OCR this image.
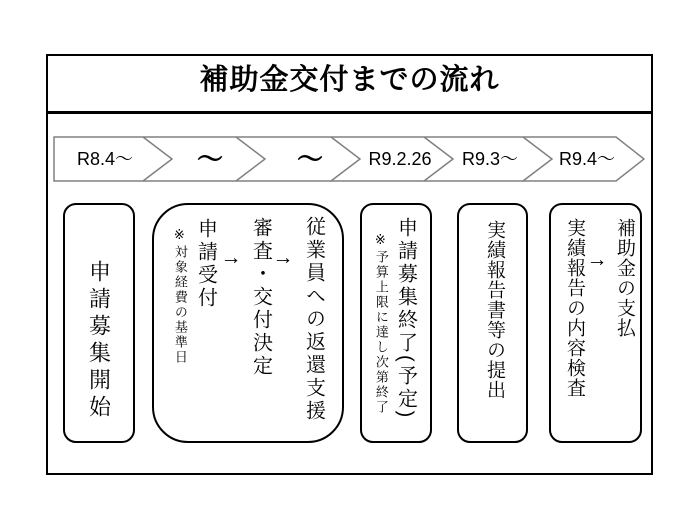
補助金交付までの流れ
R8.4〜 〜	〜	R9.2.26 R9.3〜 R9.4〜
申請募集開始	※対象経費の基準日 申請受付 → 審査・交付決定 → 従業員への返還支援	申請募集終了(予定)
※予算上限に達し次第終了	実績報告書等の提出	実績報告の内容検査 → 補助金の支払
